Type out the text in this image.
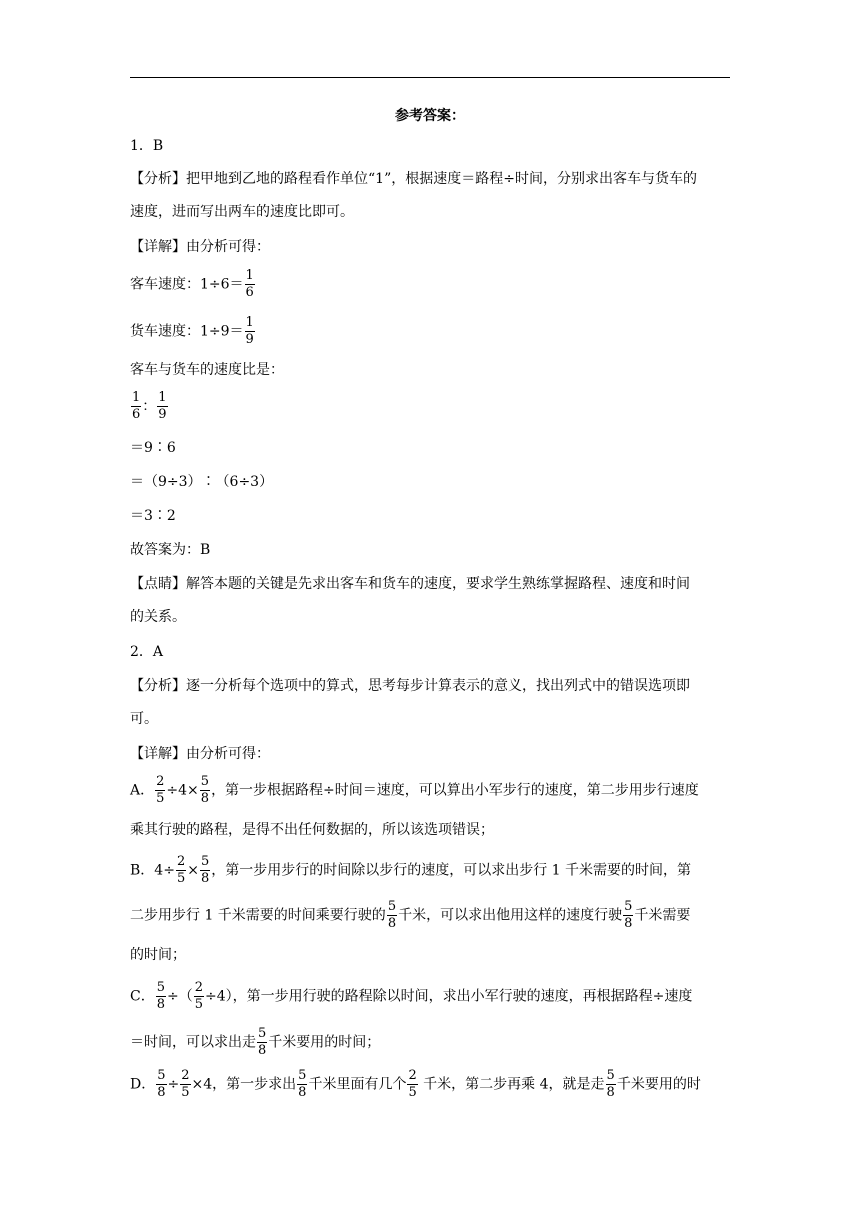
参考答案：
1．B
【分析】把甲地到乙地的路程看作单位“1”，根据速度＝路程÷时间，分别求出客车与货车的
速度，进而写出两车的速度比即可。
【详解】由分析可得：
客车速度：$1\div 6= \frac{1}{6}$
货车速度：$1\div 9= \frac{1}{9}$
客车与货车的速度比是：
$\frac{1}{6}$ ： $\frac{1}{9}$
＝9∶6
＝（9÷3）∶（6÷3）
＝3∶2
故答案为：B
【点睛】解答本题的关键是先求出客车和货车的速度，要求学生熟练掌握路程、速度和时间
的关系。
2．A
【分析】逐一分析每个选项中的算式，思考每步计算表示的意义，找出列式中的错误选项即
可。
【详解】由分析可得：
A． $\frac{2}{5} \div 4\times \frac{5}{8}$ ，第一步根据路程÷时间＝速度，可以算出小军步行的速度，第二步用步行速度
乘其行驶的路程，是得不出任何数据的，所以该选项错误；
B．$4\div \frac{2}{5} \times \frac{5}{8}$ ，第一步用步行的时间除以步行的速度，可以求出步行 1 千米需要的时间，第
二步用步行 1 千米需要的时间乘要行驶的 $\frac{5}{8}$ 千米，可以求出他用这样的速度行驶 $\frac{5}{8}$ 千米需要
的时间；
C． $\frac{5}{8}$ ÷（ $\frac{2}{5} \div 4$），第一步用行驶的路程除以时间，求出小军行驶的速度，再根据路程÷速度
＝时间，可以求出走 $\frac{5}{8}$ 千米要用的时间；
D． $\frac{5}{8} \div \frac{2}{5} \times 4$，第一步求出 $\frac{5}{8}$ 千米里面有几个 $\frac{2}{5}$ 千米，第二步再乘 4，就是走 $\frac{5}{8}$ 千米要用的时
